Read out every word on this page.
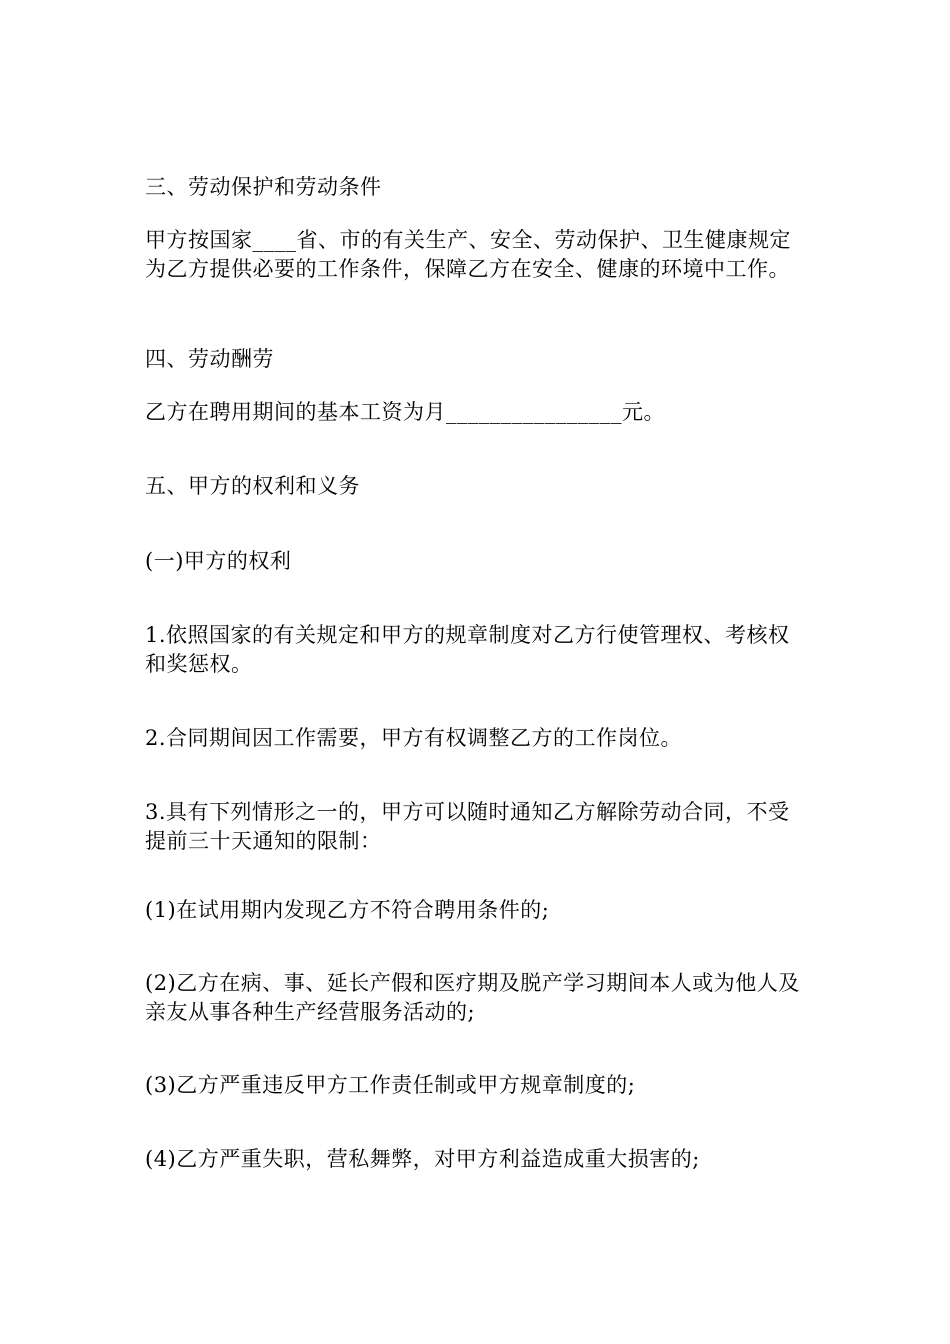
三、劳动保护和劳动条件

甲方按国家____省、市的有关生产、安全、劳动保护、卫生健康规定为乙方提供必要的工作条件，保障乙方在安全、健康的环境中工作。

四、劳动酬劳

乙方在聘用期间的基本工资为月________________元。

五、甲方的权利和义务

(一)甲方的权利

1.依照国家的有关规定和甲方的规章制度对乙方行使管理权、考核权和奖惩权。

2.合同期间因工作需要，甲方有权调整乙方的工作岗位。

3.具有下列情形之一的，甲方可以随时通知乙方解除劳动合同，不受提前三十天通知的限制：

(1)在试用期内发现乙方不符合聘用条件的;

(2)乙方在病、事、延长产假和医疗期及脱产学习期间本人或为他人及亲友从事各种生产经营服务活动的;

(3)乙方严重违反甲方工作责任制或甲方规章制度的;

(4)乙方严重失职，营私舞弊，对甲方利益造成重大损害的;
